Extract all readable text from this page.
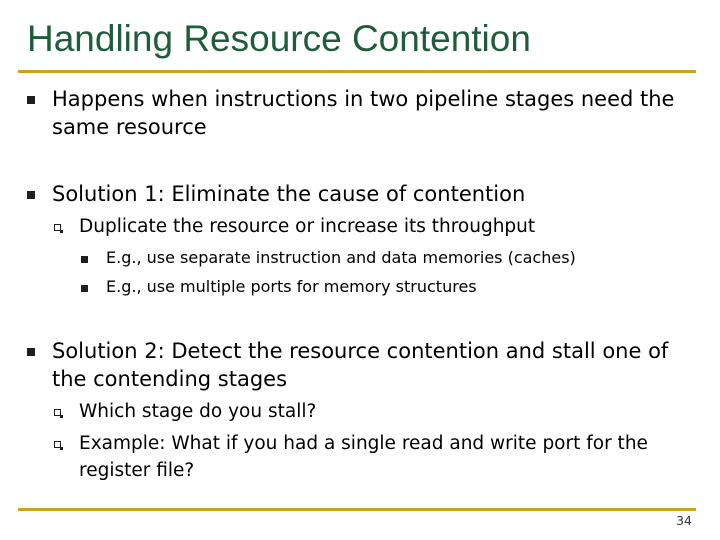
Handling Resource Contention
Happens when instructions in two pipeline stages need the
same resource
Solution 1: Eliminate the cause of contention
Duplicate the resource or increase its throughput
E.g., use separate instruction and data memories (caches)
E.g., use multiple ports for memory structures
Solution 2: Detect the resource contention and stall one of
the contending stages
Which stage do you stall?
Example: What if you had a single read and write port for the
register file?
34
